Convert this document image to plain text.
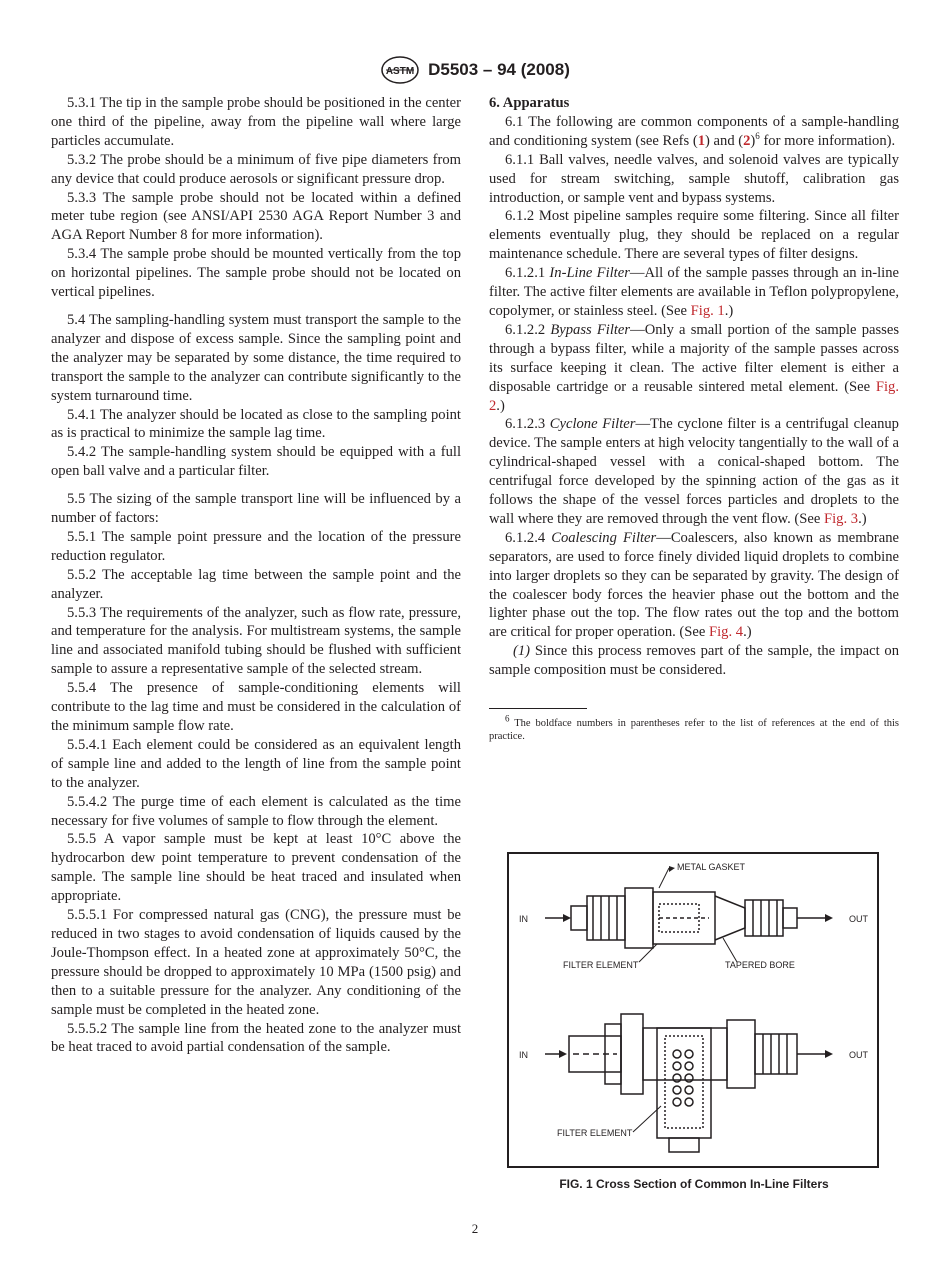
ASTM D5503 – 94 (2008)

5.3.1 The tip in the sample probe should be positioned in the center one third of the pipeline, away from the pipeline wall where large particles accumulate.

5.3.2 The probe should be a minimum of five pipe diameters from any device that could produce aerosols or significant pressure drop.

5.3.3 The sample probe should not be located within a defined meter tube region (see ANSI/API 2530 AGA Report Number 3 and AGA Report Number 8 for more information).

5.3.4 The sample probe should be mounted vertically from the top on horizontal pipelines. The sample probe should not be located on vertical pipelines.

5.4 The sampling-handling system must transport the sample to the analyzer and dispose of excess sample. Since the sampling point and the analyzer may be separated by some distance, the time required to transport the sample to the analyzer can contribute significantly to the system turnaround time.

5.4.1 The analyzer should be located as close to the sampling point as is practical to minimize the sample lag time.

5.4.2 The sample-handling system should be equipped with a full open ball valve and a particular filter.

5.5 The sizing of the sample transport line will be influenced by a number of factors:

5.5.1 The sample point pressure and the location of the pressure reduction regulator.

5.5.2 The acceptable lag time between the sample point and the analyzer.

5.5.3 The requirements of the analyzer, such as flow rate, pressure, and temperature for the analysis. For multistream systems, the sample line and associated manifold tubing should be flushed with sufficient sample to assure a representative sample of the selected stream.

5.5.4 The presence of sample-conditioning elements will contribute to the lag time and must be considered in the calculation of the minimum sample flow rate.

5.5.4.1 Each element could be considered as an equivalent length of sample line and added to the length of line from the sample point to the analyzer.

5.5.4.2 The purge time of each element is calculated as the time necessary for five volumes of sample to flow through the element.

5.5.5 A vapor sample must be kept at least 10°C above the hydrocarbon dew point temperature to prevent condensation of the sample. The sample line should be heat traced and insulated when appropriate.

5.5.5.1 For compressed natural gas (CNG), the pressure must be reduced in two stages to avoid condensation of liquids caused by the Joule-Thompson effect. In a heated zone at approximately 50°C, the pressure should be dropped to approximately 10 MPa (1500 psig) and then to a suitable pressure for the analyzer. Any conditioning of the sample must be completed in the heated zone.

5.5.5.2 The sample line from the heated zone to the analyzer must be heat traced to avoid partial condensation of the sample.

6. Apparatus

6.1 The following are common components of a sample-handling and conditioning system (see Refs (1) and $(2)^6$ for more information).

6.1.1 Ball valves, needle valves, and solenoid valves are typically used for stream switching, sample shutoff, calibration gas introduction, or sample vent and bypass systems.

6.1.2 Most pipeline samples require some filtering. Since all filter elements eventually plug, they should be replaced on a regular maintenance schedule. There are several types of filter designs.

6.1.2.1 In-Line Filter—All of the sample passes through an in-line filter. The active filter elements are available in Teflon polypropylene, copolymer, or stainless steel. (See Fig. 1.)

6.1.2.2 Bypass Filter—Only a small portion of the sample passes through a bypass filter, while a majority of the sample passes across its surface keeping it clean. The active filter element is either a disposable cartridge or a reusable sintered metal element. (See Fig. 2.)

6.1.2.3 Cyclone Filter—The cyclone filter is a centrifugal cleanup device. The sample enters at high velocity tangentially to the wall of a cylindrical-shaped vessel with a conical-shaped bottom. The centrifugal force developed by the spinning action of the gas as it follows the shape of the vessel forces particles and droplets to the wall where they are removed through the vent flow. (See Fig. 3.)

6.1.2.4 Coalescing Filter—Coalescers, also known as membrane separators, are used to force finely divided liquid droplets to combine into larger droplets so they can be separated by gravity. The design of the coalescer body forces the heavier phase out the bottom and the lighter phase out the top. The flow rates out the top and the bottom are critical for proper operation. (See Fig. 4.)

(1) Since this process removes part of the sample, the impact on sample composition must be considered.

$^6$ The boldface numbers in parentheses refer to the list of references at the end of this practice.

METAL GASKET
IN	OUT
FILTER ELEMENT	TAPERED BORE
IN	OUT
FILTER ELEMENT
FIG. 1 Cross Section of Common In-Line Filters
2
